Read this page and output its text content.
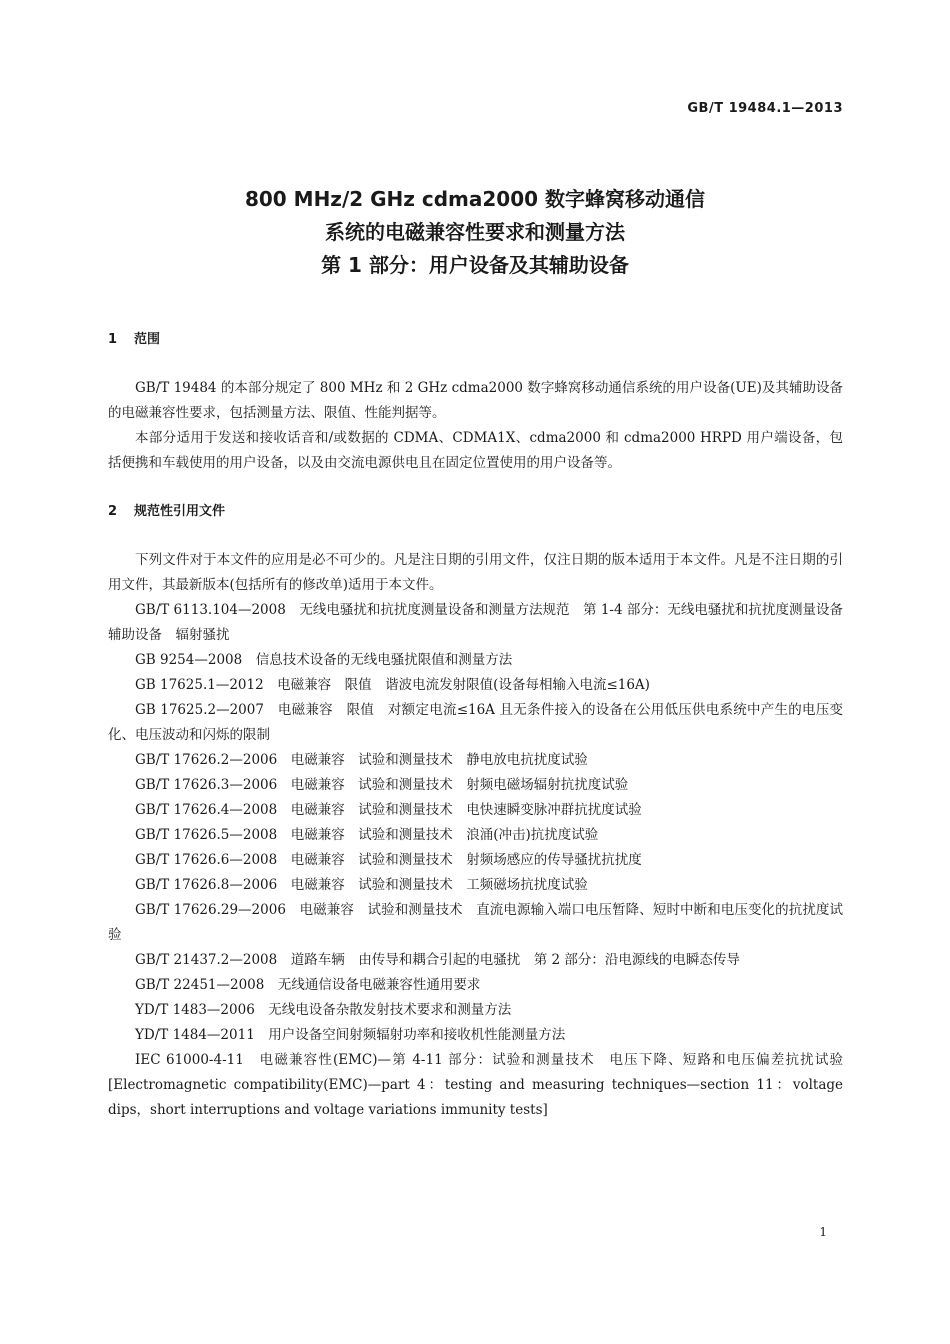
GB/T 19484.1—2013
800 MHz/2 GHz cdma2000 数字蜂窝移动通信
系统的电磁兼容性要求和测量方法
第 1 部分：用户设备及其辅助设备
1 范围
GB/T 19484 的本部分规定了 800 MHz 和 2 GHz cdma2000 数字蜂窝移动通信系统的用户设备(UE)及其辅助设备的电磁兼容性要求，包括测量方法、限值、性能判据等。
本部分适用于发送和接收话音和/或数据的 CDMA、CDMA1X、cdma2000 和 cdma2000 HRPD 用户端设备，包括便携和车载使用的用户设备，以及由交流电源供电且在固定位置使用的用户设备等。
2 规范性引用文件
下列文件对于本文件的应用是必不可少的。凡是注日期的引用文件，仅注日期的版本适用于本文件。凡是不注日期的引用文件，其最新版本(包括所有的修改单)适用于本文件。
GB/T 6113.104—2008　无线电骚扰和抗扰度测量设备和测量方法规范　第 1-4 部分：无线电骚扰和抗扰度测量设备　辅助设备　辐射骚扰
GB 9254—2008　信息技术设备的无线电骚扰限值和测量方法
GB 17625.1—2012　电磁兼容　限值　谐波电流发射限值(设备每相输入电流≤16A)
GB 17625.2—2007　电磁兼容　限值　对额定电流≤16A 且无条件接入的设备在公用低压供电系统中产生的电压变化、电压波动和闪烁的限制
GB/T 17626.2—2006　电磁兼容　试验和测量技术　静电放电抗扰度试验
GB/T 17626.3—2006　电磁兼容　试验和测量技术　射频电磁场辐射抗扰度试验
GB/T 17626.4—2008　电磁兼容　试验和测量技术　电快速瞬变脉冲群抗扰度试验
GB/T 17626.5—2008　电磁兼容　试验和测量技术　浪涌(冲击)抗扰度试验
GB/T 17626.6—2008　电磁兼容　试验和测量技术　射频场感应的传导骚扰抗扰度
GB/T 17626.8—2006　电磁兼容　试验和测量技术　工频磁场抗扰度试验
GB/T 17626.29—2006　电磁兼容　试验和测量技术　直流电源输入端口电压暂降、短时中断和电压变化的抗扰度试验
GB/T 21437.2—2008　道路车辆　由传导和耦合引起的电骚扰　第 2 部分：沿电源线的电瞬态传导
GB/T 22451—2008　无线通信设备电磁兼容性通用要求
YD/T 1483—2006　无线电设备杂散发射技术要求和测量方法
YD/T 1484—2011　用户设备空间射频辐射功率和接收机性能测量方法
IEC 61000-4-11　电磁兼容性(EMC)—第 4-11 部分：试验和测量技术　电压下降、短路和电压偏差抗扰试验[Electromagnetic compatibility(EMC)—part 4：testing and measuring techniques—section 11：voltage dips，short interruptions and voltage variations immunity tests]
1
